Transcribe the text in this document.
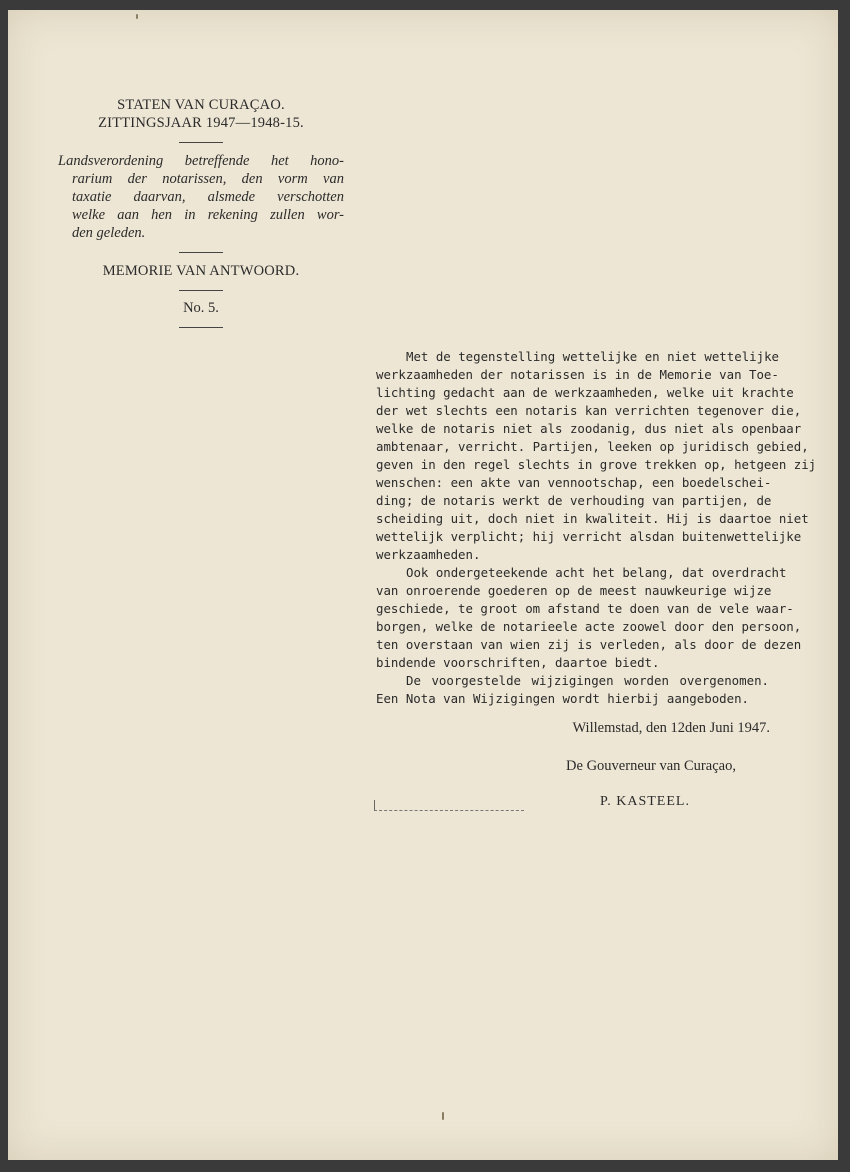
STATEN VAN CURAÇAO.

ZITTINGSJAAR 1947—1948-15.

Landsverordening betreffende het hono-
rarium der notarissen, den vorm van
taxatie daarvan, alsmede verschotten
welke aan hen in rekening zullen wor-
den geleden.

MEMORIE VAN ANTWOORD.

No. 5.

Met de tegenstelling wettelijke en niet wettelijke
werkzaamheden der notarissen is in de Memorie van Toe-
lichting gedacht aan de werkzaamheden, welke uit krachte
der wet slechts een notaris kan verrichten tegenover die,
welke de notaris niet als zoodanig, dus niet als openbaar
ambtenaar, verricht. Partijen, leeken op juridisch gebied,
geven in den regel slechts in grove trekken op, hetgeen zij
wenschen: een akte van vennootschap, een boedelschei-
ding; de notaris werkt de verhouding van partijen, de
scheiding uit, doch niet in kwaliteit. Hij is daartoe niet
wettelijk verplicht; hij verricht alsdan buitenwettelijke
werkzaamheden.
Ook ondergeteekende acht het belang, dat overdracht
van onroerende goederen op de meest nauwkeurige wijze
geschiede, te groot om afstand te doen van de vele waar-
borgen, welke de notarieele acte zoowel door den persoon,
ten overstaan van wien zij is verleden, als door de dezen
bindende voorschriften, daartoe biedt.
De voorgestelde wijzigingen worden overgenomen.
Een Nota van Wijzigingen wordt hierbij aangeboden.
Willemstad, den 12den Juni 1947.
De Gouverneur van Curaçao,
P. KASTEEL.
